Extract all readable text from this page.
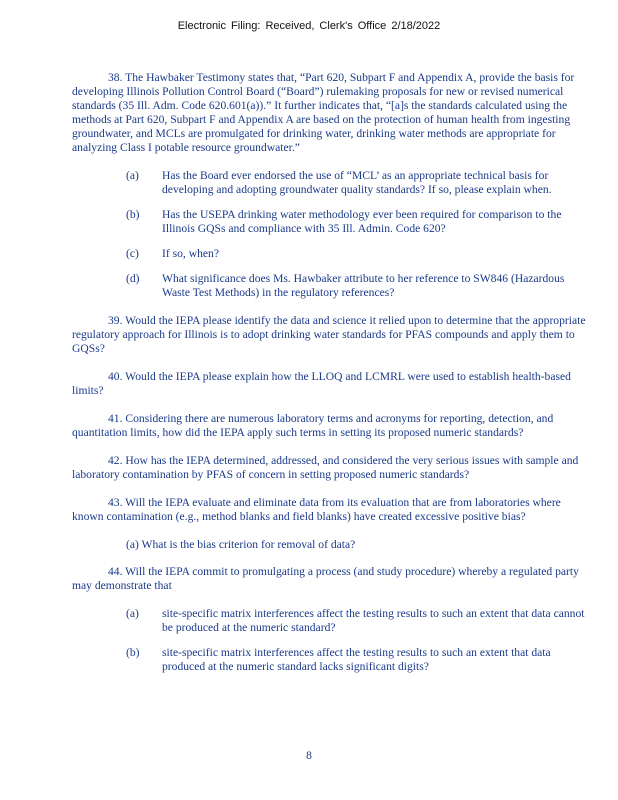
Electronic Filing: Received, Clerk's Office 2/18/2022

38. The Hawbaker Testimony states that, “Part 620, Subpart F and Appendix A, provide the basis for developing Illinois Pollution Control Board (“Board”) rulemaking proposals for new or revised numerical standards (35 Ill. Adm. Code 620.601(a)).” It further indicates that, “[a]s the standards calculated using the methods at Part 620, Subpart F and Appendix A are based on the protection of human health from ingesting groundwater, and MCLs are promulgated for drinking water, drinking water methods are appropriate for analyzing Class I potable resource groundwater.”

(a)	Has the Board ever endorsed the use of “MCL’ as an appropriate technical basis for developing and adopting groundwater quality standards? If so, please explain when.
(b)	Has the USEPA drinking water methodology ever been required for comparison to the Illinois GQSs and compliance with 35 Ill. Admin. Code 620?
(c)	If so, when?
(d)	What significance does Ms. Hawbaker attribute to her reference to SW846 (Hazardous Waste Test Methods) in the regulatory references?

39. Would the IEPA please identify the data and science it relied upon to determine that the appropriate regulatory approach for Illinois is to adopt drinking water standards for PFAS compounds and apply them to GQSs?

40. Would the IEPA please explain how the LLOQ and LCMRL were used to establish health-based limits?

41. Considering there are numerous laboratory terms and acronyms for reporting, detection, and quantitation limits, how did the IEPA apply such terms in setting its proposed numeric standards?

42. How has the IEPA determined, addressed, and considered the very serious issues with sample and laboratory contamination by PFAS of concern in setting proposed numeric standards?

43. Will the IEPA evaluate and eliminate data from its evaluation that are from laboratories where known contamination (e.g., method blanks and field blanks) have created excessive positive bias?

(a) What is the bias criterion for removal of data?

44. Will the IEPA commit to promulgating a process (and study procedure) whereby a regulated party may demonstrate that

(a)	site-specific matrix interferences affect the testing results to such an extent that data cannot be produced at the numeric standard?
(b)	site-specific matrix interferences affect the testing results to such an extent that data produced at the numeric standard lacks significant digits?
8
